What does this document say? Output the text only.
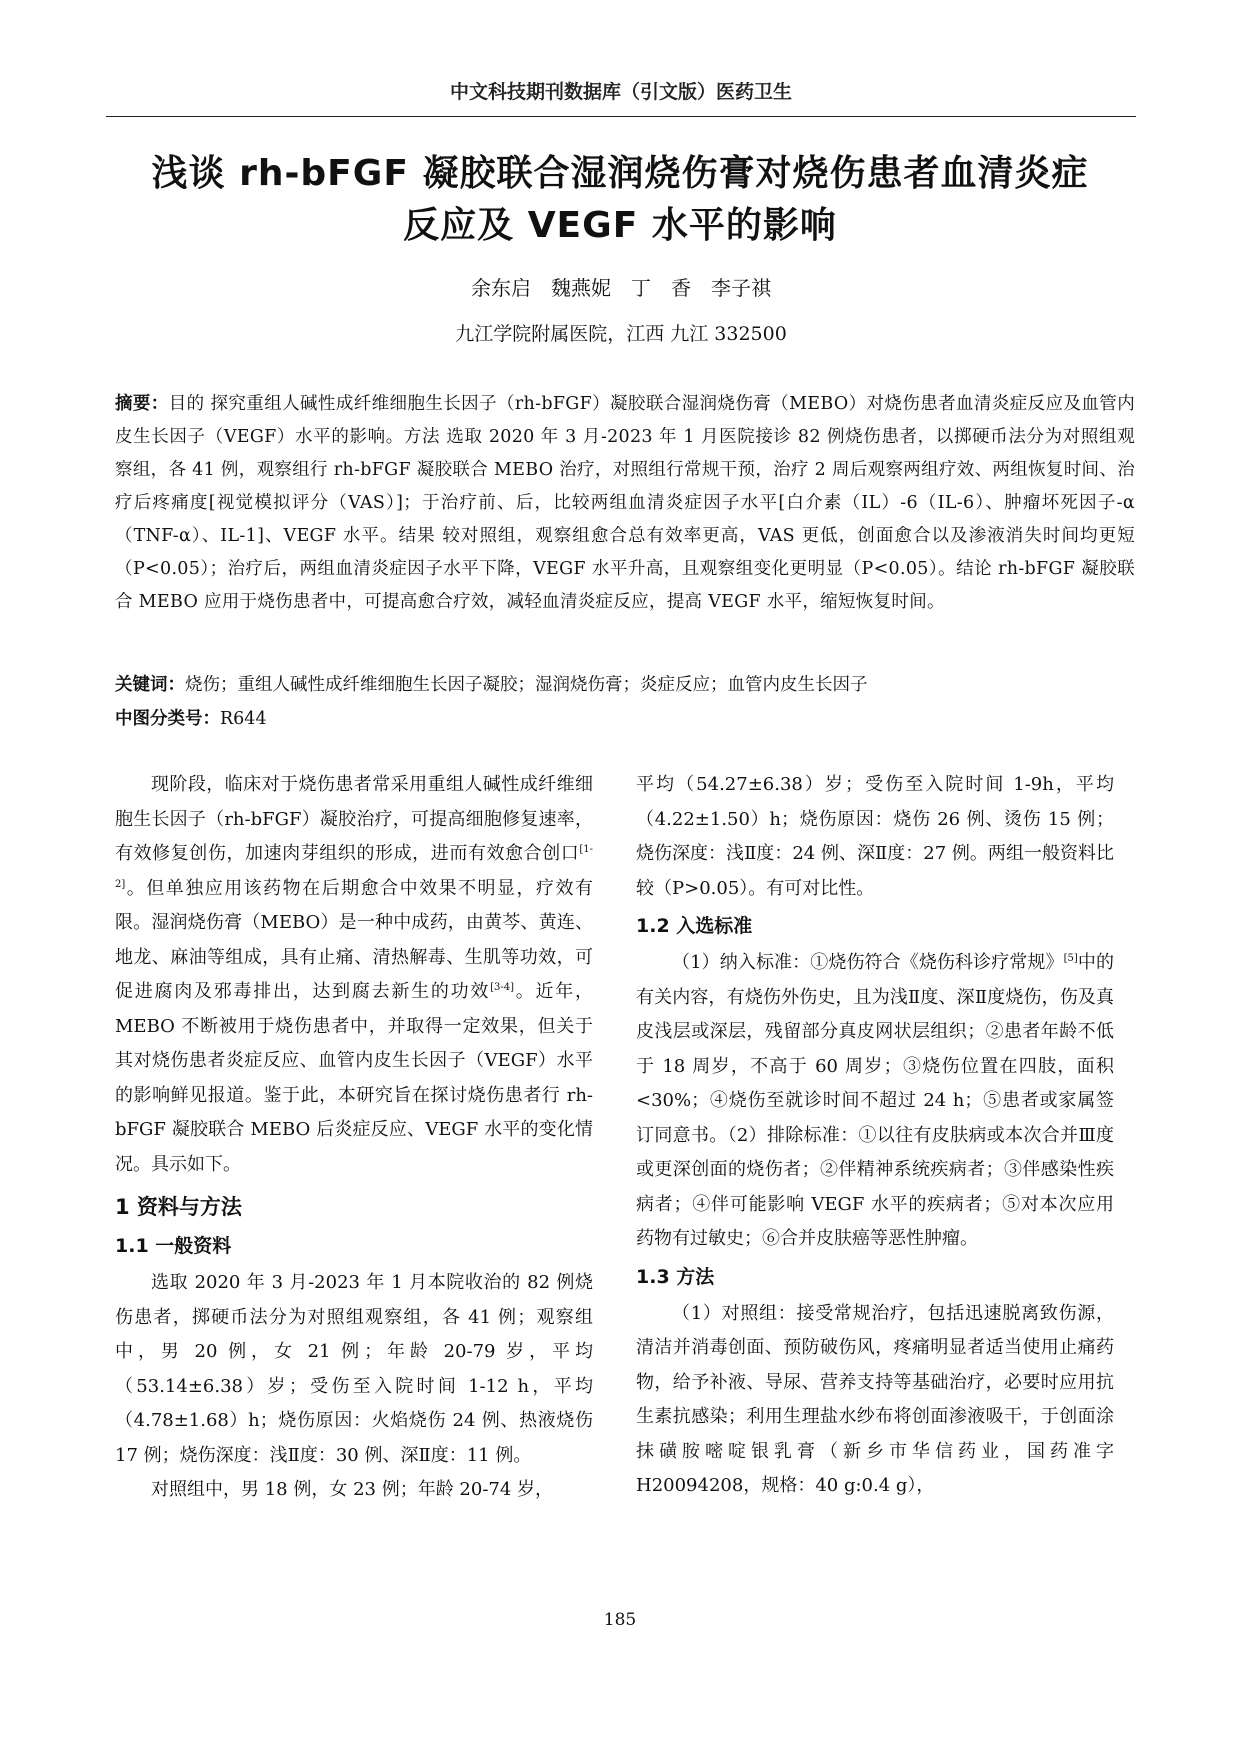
中文科技期刊数据库（引文版）医药卫生
浅谈 rh-bFGF 凝胶联合湿润烧伤膏对烧伤患者血清炎症
反应及 VEGF 水平的影响
余东启　魏燕妮　丁　香　李子祺
九江学院附属医院，江西 九江 332500
摘要：目的 探究重组人碱性成纤维细胞生长因子（rh-bFGF）凝胶联合湿润烧伤膏（MEBO）对烧伤患者血清炎症反应及血管内皮生长因子（VEGF）水平的影响。方法 选取 2020 年 3 月-2023 年 1 月医院接诊 82 例烧伤患者，以掷硬币法分为对照组观察组，各 41 例，观察组行 rh-bFGF 凝胶联合 MEBO 治疗，对照组行常规干预，治疗 2 周后观察两组疗效、两组恢复时间、治疗后疼痛度[视觉模拟评分（VAS）]；于治疗前、后，比较两组血清炎症因子水平[白介素（IL）-6（IL-6）、肿瘤坏死因子-α（TNF-α）、IL-1]、VEGF 水平。结果 较对照组，观察组愈合总有效率更高，VAS 更低，创面愈合以及渗液消失时间均更短（P<0.05）；治疗后，两组血清炎症因子水平下降，VEGF 水平升高，且观察组变化更明显（P<0.05）。结论 rh-bFGF 凝胶联合 MEBO 应用于烧伤患者中，可提高愈合疗效，减轻血清炎症反应，提高 VEGF 水平，缩短恢复时间。
关键词：烧伤；重组人碱性成纤维细胞生长因子凝胶；湿润烧伤膏；炎症反应；血管内皮生长因子
中图分类号：R644

现阶段，临床对于烧伤患者常采用重组人碱性成纤维细胞生长因子（rh-bFGF）凝胶治疗，可提高细胞修复速率，有效修复创伤，加速肉芽组织的形成，进而有效愈合创口[1-2]。但单独应用该药物在后期愈合中效果不明显，疗效有限。湿润烧伤膏（MEBO）是一种中成药，由黄芩、黄连、地龙、麻油等组成，具有止痛、清热解毒、生肌等功效，可促进腐肉及邪毒排出，达到腐去新生的功效[3-4]。近年，MEBO 不断被用于烧伤患者中，并取得一定效果，但关于其对烧伤患者炎症反应、血管内皮生长因子（VEGF）水平的影响鲜见报道。鉴于此，本研究旨在探讨烧伤患者行 rh-bFGF 凝胶联合 MEBO 后炎症反应、VEGF 水平的变化情况。具示如下。

1 资料与方法
1.1 一般资料

选取 2020 年 3 月-2023 年 1 月本院收治的 82 例烧伤患者，掷硬币法分为对照组观察组，各 41 例；观察组中，男 20 例，女 21 例；年龄 20-79 岁，平均（53.14±6.38）岁；受伤至入院时间 1-12 h，平均（4.78±1.68）h；烧伤原因：火焰烧伤 24 例、热液烧伤 17 例；烧伤深度：浅Ⅱ度：30 例、深Ⅱ度：11 例。

对照组中，男 18 例，女 23 例；年龄 20-74 岁，

平均（54.27±6.38）岁；受伤至入院时间 1-9h，平均（4.22±1.50）h；烧伤原因：烧伤 26 例、烫伤 15 例；烧伤深度：浅Ⅱ度：24 例、深Ⅱ度：27 例。两组一般资料比较（P>0.05）。有可对比性。

1.2 入选标准

（1）纳入标准：①烧伤符合《烧伤科诊疗常规》[5]中的有关内容，有烧伤外伤史，且为浅Ⅱ度、深Ⅱ度烧伤，伤及真皮浅层或深层，残留部分真皮网状层组织；②患者年龄不低于 18 周岁，不高于 60 周岁；③烧伤位置在四肢，面积<30%；④烧伤至就诊时间不超过 24 h；⑤患者或家属签订同意书。（2）排除标准：①以往有皮肤病或本次合并Ⅲ度或更深创面的烧伤者；②伴精神系统疾病者；③伴感染性疾病者；④伴可能影响 VEGF 水平的疾病者；⑤对本次应用药物有过敏史；⑥合并皮肤癌等恶性肿瘤。

1.3 方法

（1）对照组：接受常规治疗，包括迅速脱离致伤源，清洁并消毒创面、预防破伤风，疼痛明显者适当使用止痛药物，给予补液、导尿、营养支持等基础治疗，必要时应用抗生素抗感染；利用生理盐水纱布将创面渗液吸干，于创面涂抹磺胺嘧啶银乳膏（新乡市华信药业，国药准字 H20094208，规格：40 g:0.4 g），

185
